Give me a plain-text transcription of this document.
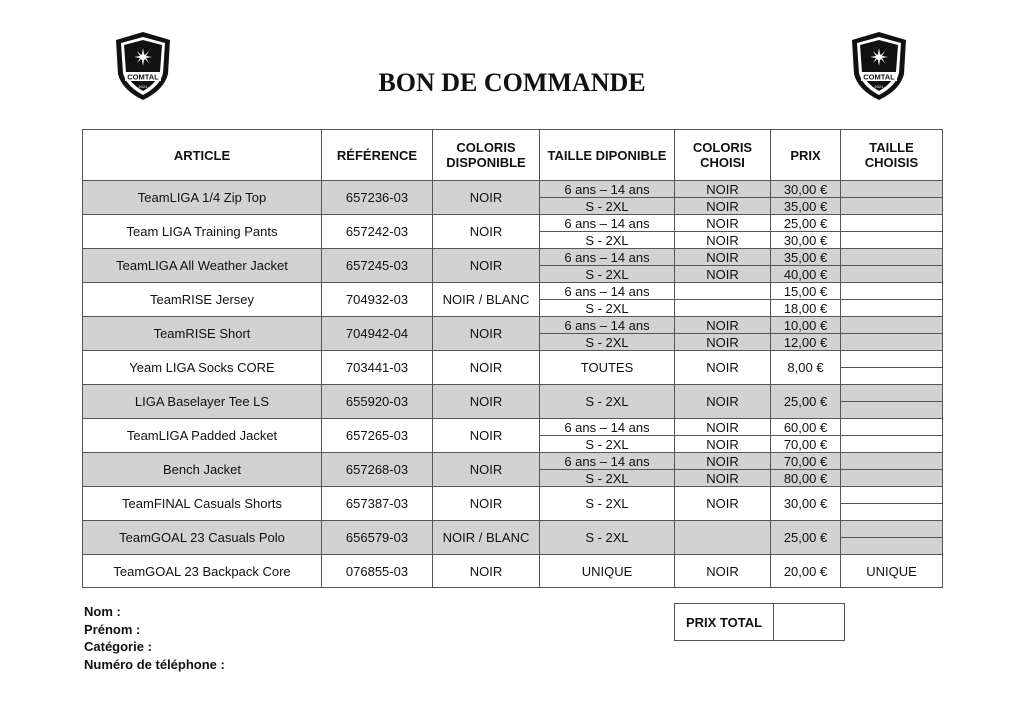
COMTAL
2021
COMTAL
2021
BON DE COMMANDE
ARTICLE	RÉFÉRENCE	COLORIS DISPONIBLE	TAILLE DIPONIBLE	COLORIS CHOISI	PRIX	TAILLE CHOISIS
TeamLIGA 1/4 Zip Top	657236-03	NOIR	6 ans – 14 ans	NOIR	30,00 €	
			S - 2XL	NOIR	35,00 €	
Team LIGA Training Pants	657242-03	NOIR	6 ans – 14 ans	NOIR	25,00 €	
			S - 2XL	NOIR	30,00 €	
TeamLIGA All Weather Jacket	657245-03	NOIR	6 ans – 14 ans	NOIR	35,00 €	
			S - 2XL	NOIR	40,00 €	
TeamRISE Jersey	704932-03	NOIR / BLANC	6 ans – 14 ans		15,00 €	
			S - 2XL		18,00 €	
TeamRISE Short	704942-04	NOIR	6 ans – 14 ans	NOIR	10,00 €	
			S - 2XL	NOIR	12,00 €	
Yeam LIGA Socks CORE	703441-03	NOIR	TOUTES	NOIR	8,00 €	

LIGA Baselayer Tee LS	655920-03	NOIR	S - 2XL	NOIR	25,00 €	

TeamLIGA Padded Jacket	657265-03	NOIR	6 ans – 14 ans	NOIR	60,00 €	
			S - 2XL	NOIR	70,00 €	
Bench Jacket	657268-03	NOIR	6 ans – 14 ans	NOIR	70,00 €	
			S - 2XL	NOIR	80,00 €	
TeamFINAL Casuals Shorts	657387-03	NOIR	S - 2XL	NOIR	30,00 €	

TeamGOAL 23 Casuals Polo	656579-03	NOIR / BLANC	S - 2XL		25,00 €	

TeamGOAL 23 Backpack Core	076855-03	NOIR	UNIQUE	NOIR	20,00 €	UNIQUE
Nom :
Prénom :
Catégorie :
Numéro de téléphone :
PRIX TOTAL	
